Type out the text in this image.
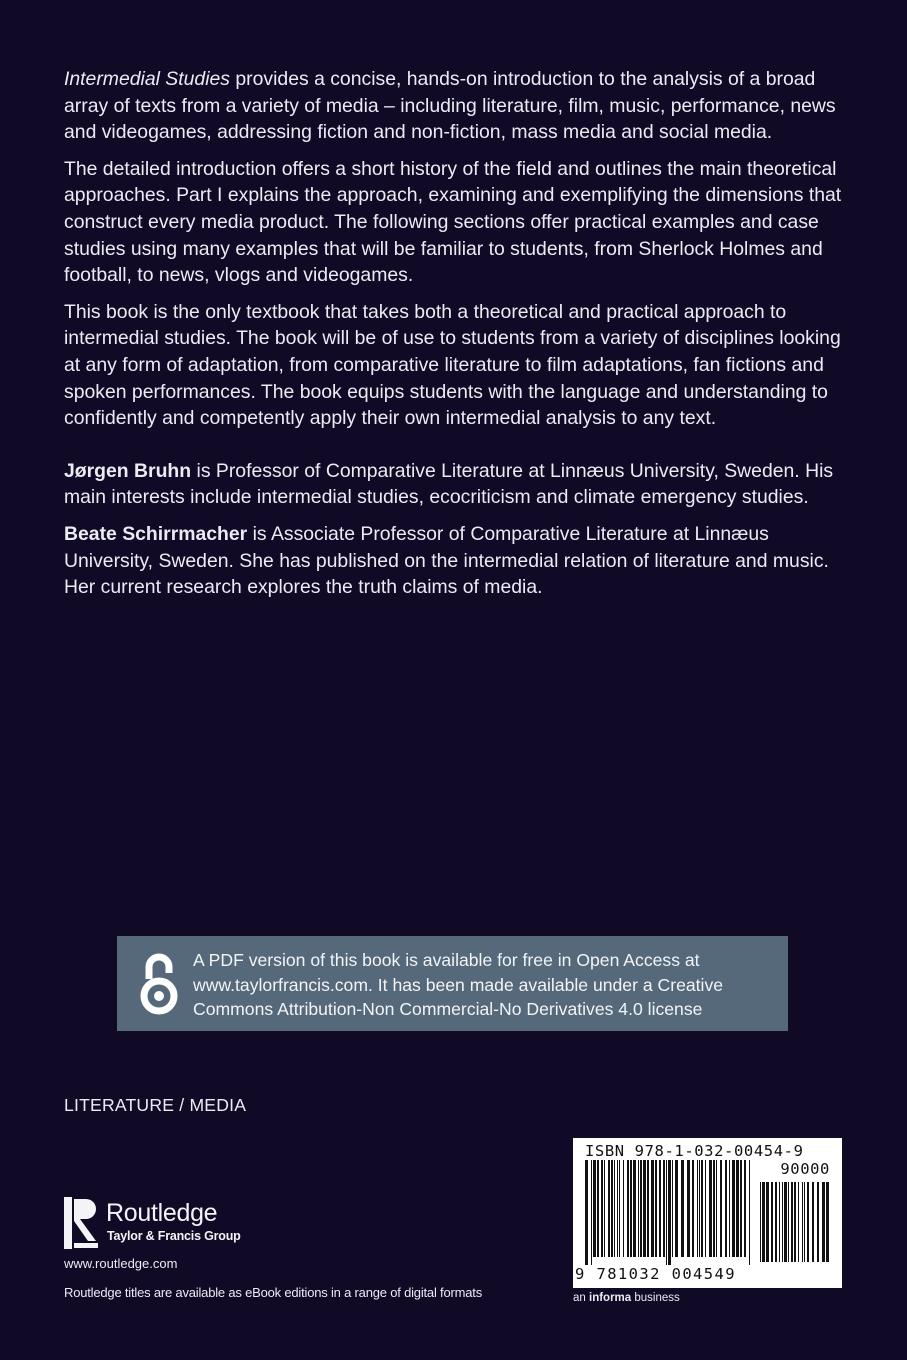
Intermedial Studies provides a concise, hands-on introduction to the analysis of a broad array of texts from a variety of media – including literature, film, music, performance, news and videogames, addressing fiction and non-fiction, mass media and social media.

The detailed introduction offers a short history of the field and outlines the main theoretical approaches. Part I explains the approach, examining and exemplifying the dimensions that construct every media product. The following sections offer practical examples and case studies using many examples that will be familiar to students, from Sherlock Holmes and football, to news, vlogs and videogames.

This book is the only textbook that takes both a theoretical and practical approach to intermedial studies. The book will be of use to students from a variety of disciplines looking at any form of adaptation, from comparative literature to film adaptations, fan fictions and spoken performances. The book equips students with the language and understanding to confidently and competently apply their own intermedial analysis to any text.

Jørgen Bruhn is Professor of Comparative Literature at Linnæus University, Sweden. His main interests include intermedial studies, ecocriticism and climate emergency studies.

Beate Schirrmacher is Associate Professor of Comparative Literature at Linnæus University, Sweden. She has published on the intermedial relation of literature and music. Her current research explores the truth claims of media.

A PDF version of this book is available for free in Open Access at www.taylorfrancis.com. It has been made available under a Creative Commons Attribution-Non Commercial-No Derivatives 4.0 license
LITERATURE / MEDIA
Routledge
Taylor & Francis Group
www.routledge.com
Routledge titles are available as eBook editions in a range of digital formats
ISBN 978-1-032-00454-9
90000
9 781032 004549
an informa business
